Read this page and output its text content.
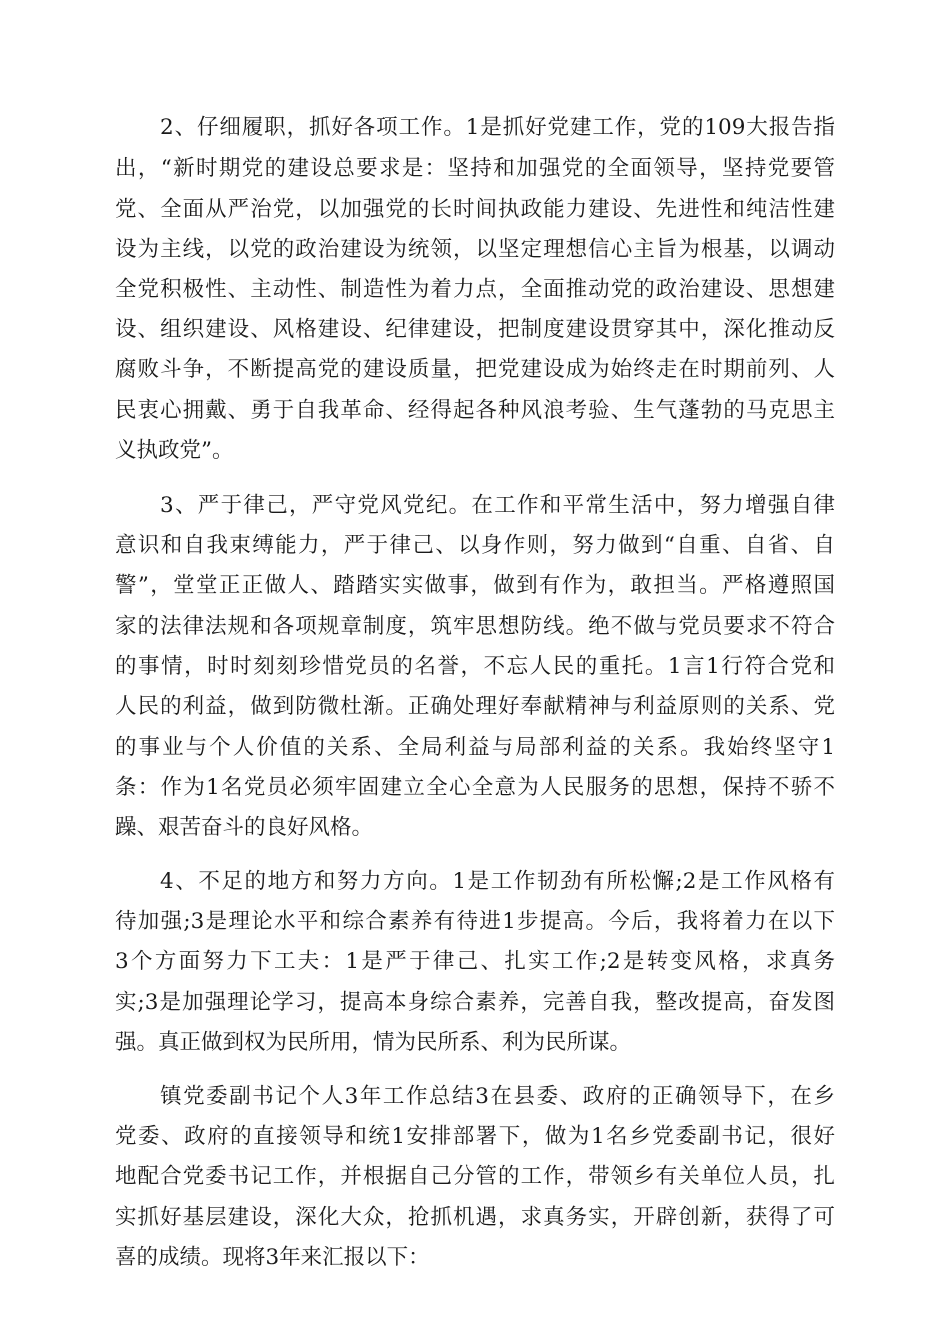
2、仔细履职，抓好各项工作。1是抓好党建工作，党的109大报告指

出，“新时期党的建设总要求是：坚持和加强党的全面领导，坚持党要管

党、全面从严治党，以加强党的长时间执政能力建设、先进性和纯洁性建

设为主线，以党的政治建设为统领，以坚定理想信心主旨为根基，以调动

全党积极性、主动性、制造性为着力点，全面推动党的政治建设、思想建

设、组织建设、风格建设、纪律建设，把制度建设贯穿其中，深化推动反

腐败斗争，不断提高党的建设质量，把党建设成为始终走在时期前列、人

民衷心拥戴、勇于自我革命、经得起各种风浪考验、生气蓬勃的马克思主

义执政党”。

3、严于律己，严守党风党纪。在工作和平常生活中，努力增强自律

意识和自我束缚能力，严于律己、以身作则，努力做到“自重、自省、自

警”，堂堂正正做人、踏踏实实做事，做到有作为，敢担当。严格遵照国

家的法律法规和各项规章制度，筑牢思想防线。绝不做与党员要求不符合

的事情，时时刻刻珍惜党员的名誉，不忘人民的重托。1言1行符合党和

人民的利益，做到防微杜渐。正确处理好奉献精神与利益原则的关系、党

的事业与个人价值的关系、全局利益与局部利益的关系。我始终坚守1

条：作为1名党员必须牢固建立全心全意为人民服务的思想，保持不骄不

躁、艰苦奋斗的良好风格。

4、不足的地方和努力方向。1是工作韧劲有所松懈;2是工作风格有

待加强;3是理论水平和综合素养有待进1步提高。今后，我将着力在以下

3个方面努力下工夫：1是严于律己、扎实工作;2是转变风格，求真务

实;3是加强理论学习，提高本身综合素养，完善自我，整改提高，奋发图

强。真正做到权为民所用，情为民所系、利为民所谋。

镇党委副书记个人3年工作总结3在县委、政府的正确领导下，在乡

党委、政府的直接领导和统1安排部署下，做为1名乡党委副书记，很好

地配合党委书记工作，并根据自己分管的工作，带领乡有关单位人员，扎

实抓好基层建设，深化大众，抢抓机遇，求真务实，开辟创新，获得了可

喜的成绩。现将3年来汇报以下：
